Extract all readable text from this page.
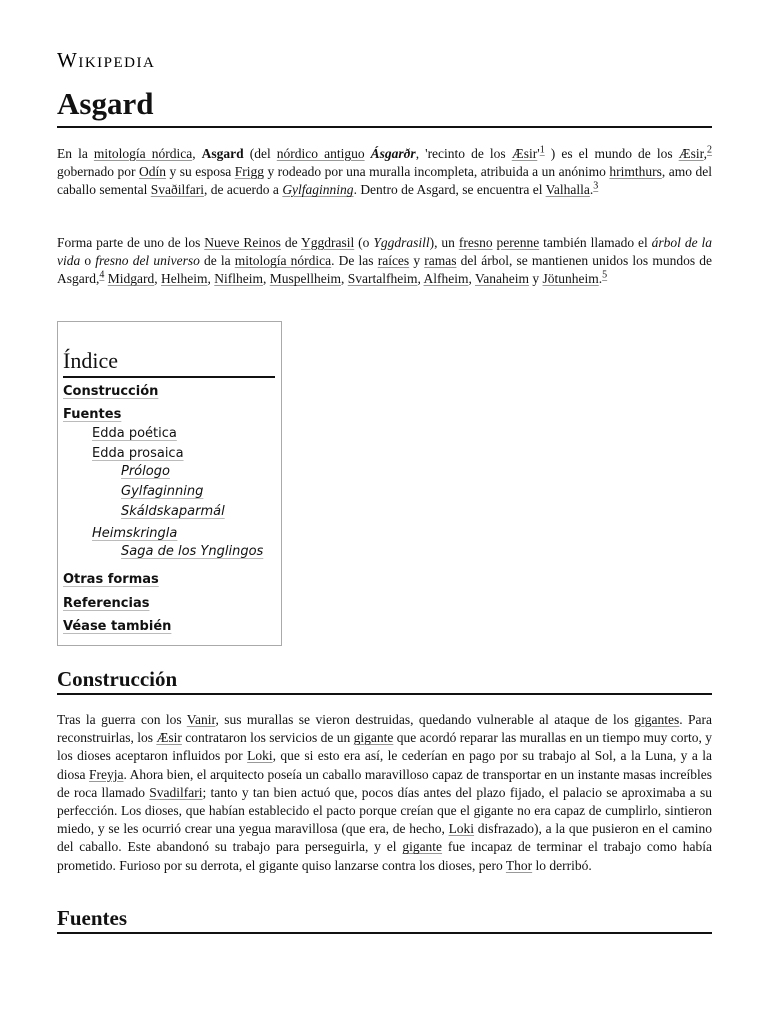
Wikipedia
Asgard

En la mitología nórdica, Asgard (del nórdico antiguo Ásgarðr, 'recinto de los $Æsir'^1$ ) es el mundo de los Æsir,$^2$ gobernado por Odín y su esposa Frigg y rodeado por una muralla incompleta, atribuida a un anónimo hrimthurs, amo del caballo semental Svaðilfari, de acuerdo a Gylfaginning. Dentro de Asgard, se encuentra el Valhalla.$^3$

Forma parte de uno de los Nueve Reinos de Yggdrasil (o Yggdrasill), un fresno perenne también llamado el árbol de la vida o fresno del universo de la mitología nórdica. De las raíces y ramas del árbol, se mantienen unidos los mundos de Asgard,$^4$ Midgard, Helheim, Niflheim, Muspellheim, Svartalfheim, Alfheim, Vanaheim y Jötunheim.$^5$

Índice
Construcción
Fuentes
Edda poética
Edda prosaica
Prólogo
Gylfaginning
Skáldskaparmál
Heimskringla
Saga de los Ynglingos
Otras formas
Referencias
Véase también
Construcción

Tras la guerra con los Vanir, sus murallas se vieron destruidas, quedando vulnerable al ataque de los gigantes. Para reconstruirlas, los Æsir contrataron los servicios de un gigante que acordó reparar las murallas en un tiempo muy corto, y los dioses aceptaron influidos por Loki, que si esto era así, le cederían en pago por su trabajo al Sol, a la Luna, y a la diosa Freyja. Ahora bien, el arquitecto poseía un caballo maravilloso capaz de transportar en un instante masas increíbles de roca llamado Svadilfari; tanto y tan bien actuó que, pocos días antes del plazo fijado, el palacio se aproximaba a su perfección. Los dioses, que habían establecido el pacto porque creían que el gigante no era capaz de cumplirlo, sintieron miedo, y se les ocurrió crear una yegua maravillosa (que era, de hecho, Loki disfrazado), a la que pusieron en el camino del caballo. Este abandonó su trabajo para perseguirla, y el gigante fue incapaz de terminar el trabajo como había prometido. Furioso por su derrota, el gigante quiso lanzarse contra los dioses, pero Thor lo derribó.

Fuentes
